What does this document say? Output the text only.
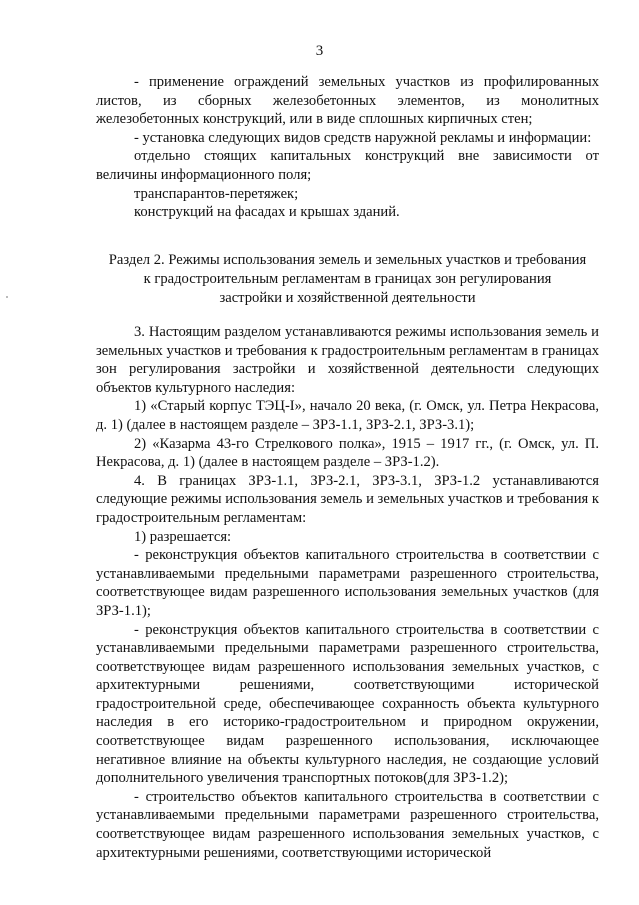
3

- применение ограждений земельных участков из профилированных листов, из сборных железобетонных элементов, из монолитных железобетонных конструкций, или в виде сплошных кирпичных стен;

- установка следующих видов средств наружной рекламы и информации:

отдельно стоящих капитальных конструкций вне зависимости от величины информационного поля;

транспарантов-перетяжек;

конструкций на фасадах и крышах зданий.

Раздел 2. Режимы использования земель и земельных участков и требования
к градостроительным регламентам в границах зон регулирования
застройки и хозяйственной деятельности

3. Настоящим разделом устанавливаются режимы использования земель и земельных участков и требования к градостроительным регламентам в границах зон регулирования застройки и хозяйственной деятельности следующих объектов культурного наследия:

1) «Старый корпус ТЭЦ-I», начало 20 века, (г. Омск, ул. Петра Некрасова, д. 1) (далее в настоящем разделе – ЗРЗ-1.1, ЗРЗ-2.1, ЗРЗ-3.1);

2) «Казарма 43-го Стрелкового полка», 1915 – 1917 гг., (г. Омск, ул. П. Некрасова, д. 1) (далее в настоящем разделе – ЗРЗ-1.2).

4. В границах ЗРЗ-1.1, ЗРЗ-2.1, ЗРЗ-3.1, ЗРЗ-1.2 устанавливаются следующие режимы использования земель и земельных участков и требования к градостроительным регламентам:

1) разрешается:

- реконструкция объектов капитального строительства в соответствии с устанавливаемыми предельными параметрами разрешенного строительства, соответствующее видам разрешенного использования земельных участков (для ЗРЗ-1.1);

- реконструкция объектов капитального строительства в соответствии с устанавливаемыми предельными параметрами разрешенного строительства, соответствующее видам разрешенного использования земельных участков, с архитектурными решениями, соответствующими исторической градостроительной среде, обеспечивающее сохранность объекта культурного наследия в его историко-градостроительном и природном окружении, соответствующее видам разрешенного использования, исключающее негативное влияние на объекты культурного наследия, не создающие условий дополнительного увеличения транспортных потоков(для ЗРЗ-1.2);

- строительство объектов капитального строительства в соответствии с устанавливаемыми предельными параметрами разрешенного строительства, соответствующее видам разрешенного использования земельных участков, с архитектурными решениями, соответствующими исторической
